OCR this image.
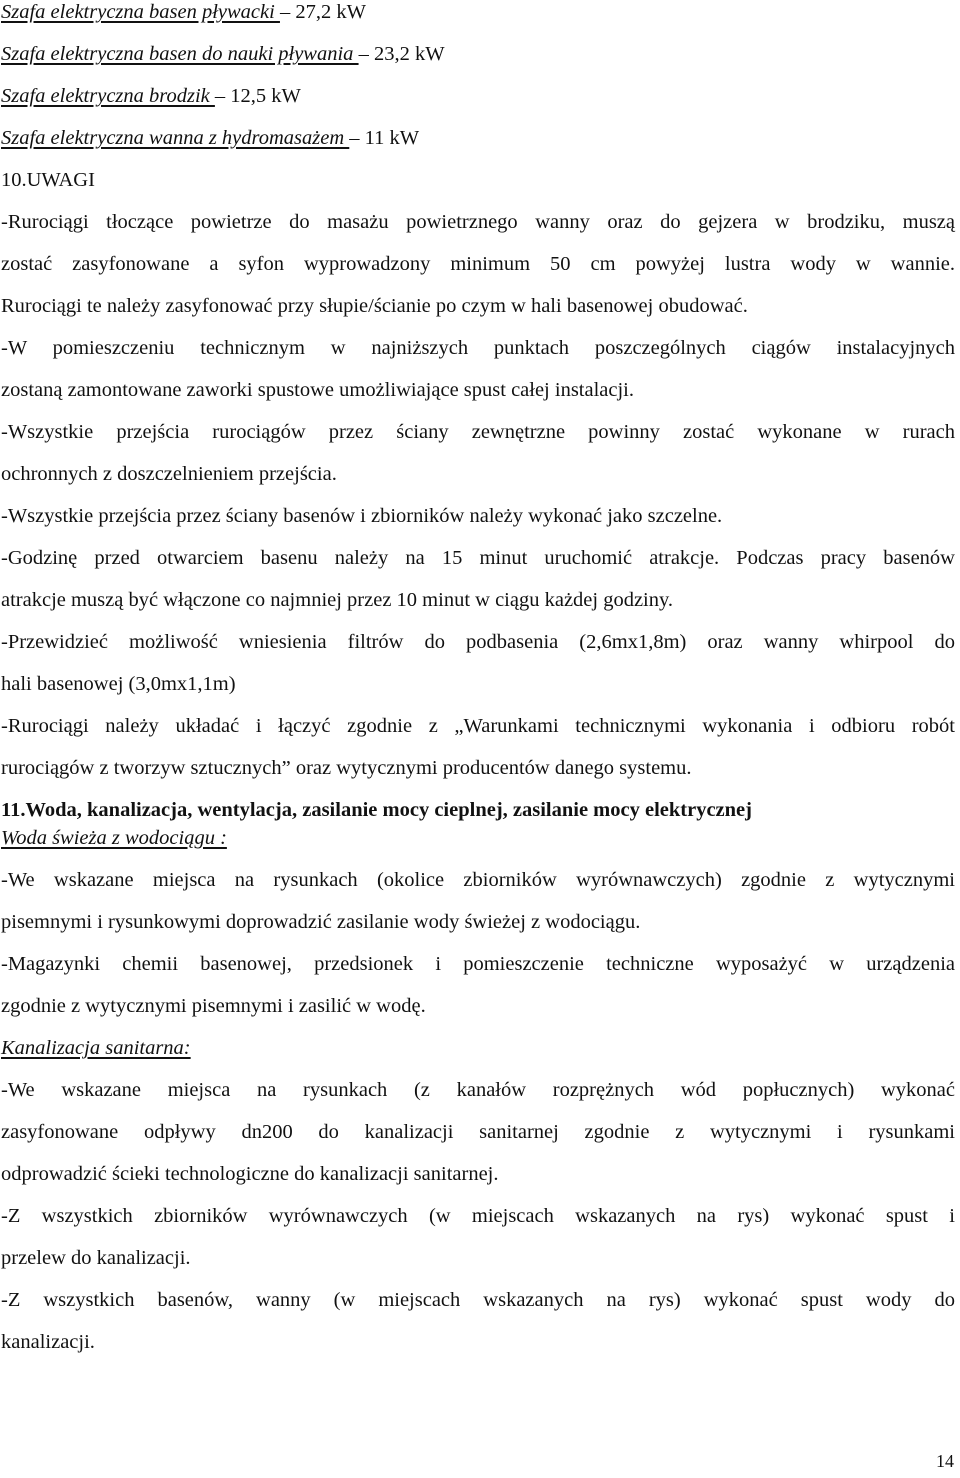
Szafa elektryczna basen pływacki – 27,2 kW
Szafa elektryczna basen do nauki pływania – 23,2 kW
Szafa elektryczna brodzik – 12,5 kW
Szafa elektryczna wanna z hydromasażem – 11 kW
10.UWAGI
-Rurociągi tłoczące powietrze do masażu powietrznego wanny oraz do gejzera w brodziku, muszą
zostać zasyfonowane a syfon wyprowadzony minimum 50 cm powyżej lustra wody w wannie.
Rurociągi te należy zasyfonować przy słupie/ścianie po czym w hali basenowej obudować.
-W pomieszczeniu technicznym w najniższych punktach poszczególnych ciągów instalacyjnych
zostaną zamontowane zaworki spustowe umożliwiające spust całej instalacji.
-Wszystkie przejścia rurociągów przez ściany zewnętrzne powinny zostać wykonane w rurach
ochronnych z doszczelnieniem przejścia.
-Wszystkie przejścia przez ściany basenów i zbiorników należy wykonać jako szczelne.
-Godzinę przed otwarciem basenu należy na 15 minut uruchomić atrakcje. Podczas pracy basenów
atrakcje muszą być włączone co najmniej przez 10 minut w ciągu każdej godziny.
-Przewidzieć możliwość wniesienia filtrów do podbasenia (2,6mx1,8m) oraz wanny whirpool do
hali basenowej (3,0mx1,1m)
-Rurociągi należy układać i łączyć zgodnie z „Warunkami technicznymi wykonania i odbioru robót
rurociągów z tworzyw sztucznych” oraz wytycznymi producentów danego systemu.
11.Woda, kanalizacja, wentylacja, zasilanie mocy cieplnej, zasilanie mocy elektrycznej
Woda świeża z wodociągu :
-We wskazane miejsca na rysunkach (okolice zbiorników wyrównawczych) zgodnie z wytycznymi
pisemnymi i rysunkowymi doprowadzić zasilanie wody świeżej z wodociągu.
-Magazynki chemii basenowej, przedsionek i pomieszczenie techniczne wyposażyć w urządzenia
zgodnie z wytycznymi pisemnymi i zasilić w wodę.
Kanalizacja sanitarna:
-We wskazane miejsca na rysunkach (z kanałów rozprężnych wód popłucznych) wykonać
zasyfonowane odpływy dn200 do kanalizacji sanitarnej zgodnie z wytycznymi i rysunkami
odprowadzić ścieki technologiczne do kanalizacji sanitarnej.
-Z wszystkich zbiorników wyrównawczych (w miejscach wskazanych na rys) wykonać spust i
przelew do kanalizacji.
-Z wszystkich basenów, wanny (w miejscach wskazanych na rys) wykonać spust wody do
kanalizacji.
14
